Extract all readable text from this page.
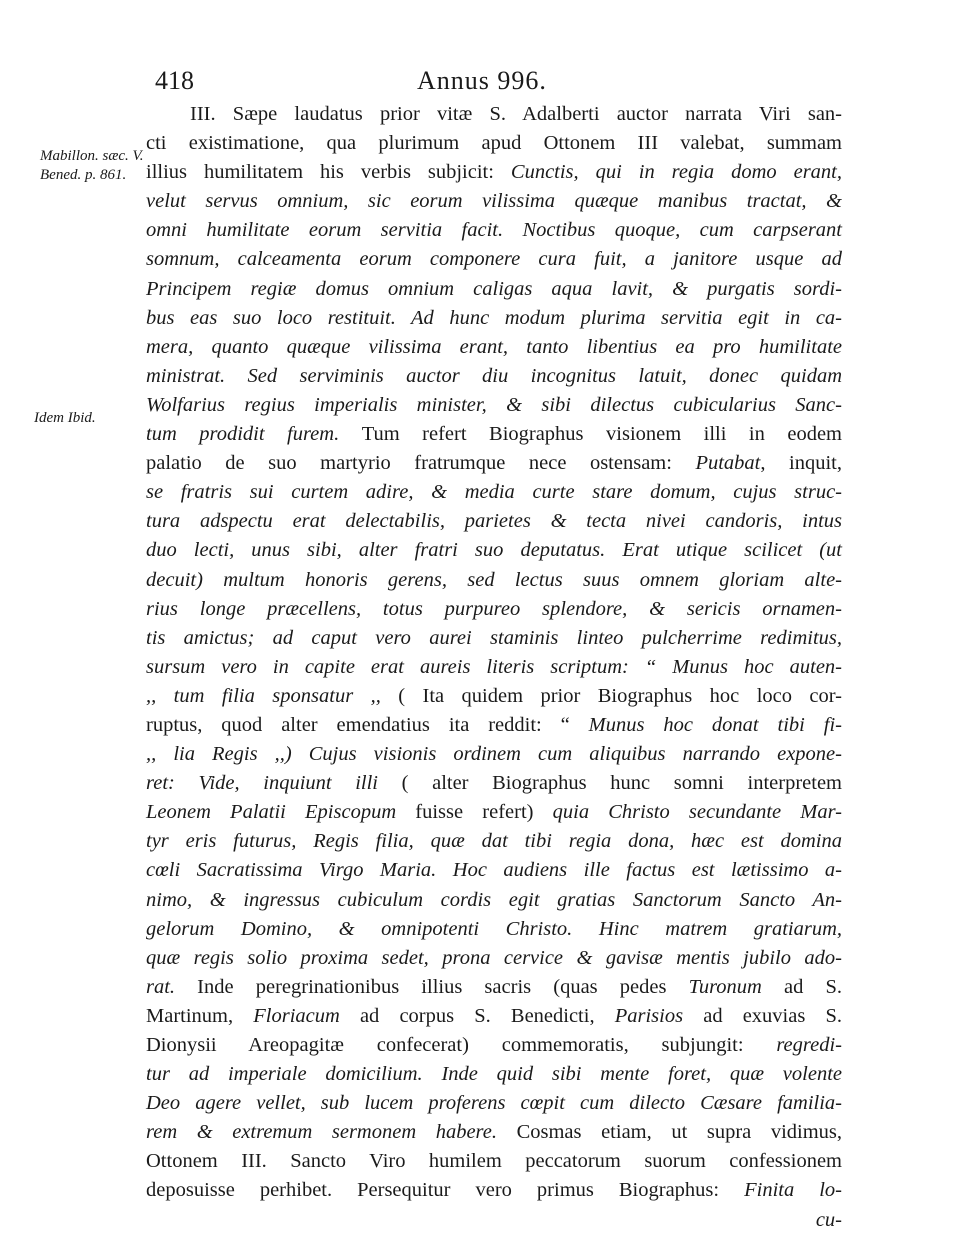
418	Annus 996.
Mabillon. sæc. V. Bened. p. 861.
Idem Ibid.
III. Sæpe laudatus prior vitæ S. Adalberti auctor narrata Viri san-
cti existimatione, qua plurimum apud Ottonem III valebat, summam
illius humilitatem his verbis subjicit: Cunctis, qui in regia domo erant,
velut servus omnium, sic eorum vilissima quæque manibus tractat, &
omni humilitate eorum servitia facit. Noctibus quoque, cum carpserant
somnum, calceamenta eorum componere cura fuit, a janitore usque ad
Principem regiæ domus omnium caligas aqua lavit, & purgatis sordi-
bus eas suo loco restituit. Ad hunc modum plurima servitia egit in ca-
mera, quanto quæque vilissima erant, tanto libentius ea pro humilitate
ministrat. Sed serviminis auctor diu incognitus latuit, donec quidam
Wolfarius regius imperialis minister, & sibi dilectus cubicularius Sanc-
tum prodidit furem. Tum refert Biographus visionem illi in eodem
palatio de suo martyrio fratrumque nece ostensam: Putabat, inquit,
se fratris sui curtem adire, & media curte stare domum, cujus struc-
tura adspectu erat delectabilis, parietes & tecta nivei candoris, intus
duo lecti, unus sibi, alter fratri suo deputatus. Erat utique scilicet (ut
decuit) multum honoris gerens, sed lectus suus omnem gloriam alte-
rius longe præcellens, totus purpureo splendore, & sericis ornamen-
tis amictus; ad caput vero aurei staminis linteo pulcherrime redimitus,
sursum vero in capite erat aureis literis scriptum: “ Munus hoc auten-
,, tum filia sponsatur ,, ( Ita quidem prior Biographus hoc loco cor-
ruptus, quod alter emendatius ita reddit: “ Munus hoc donat tibi fi-
,, lia Regis ,,) Cujus visionis ordinem cum aliquibus narrando expone-
ret: Vide, inquiunt illi ( alter Biographus hunc somni interpretem
Leonem Palatii Episcopum fuisse refert) quia Christo secundante Mar-
tyr eris futurus, Regis filia, quæ dat tibi regia dona, hæc est domina
cœli Sacratissima Virgo Maria. Hoc audiens ille factus est lætissimo a-
nimo, & ingressus cubiculum cordis egit gratias Sanctorum Sancto An-
gelorum Domino, & omnipotenti Christo. Hinc matrem gratiarum,
quæ regis solio proxima sedet, prona cervice & gavisæ mentis jubilo ado-
rat. Inde peregrinationibus illius sacris (quas pedes Turonum ad S.
Martinum, Floriacum ad corpus S. Benedicti, Parisios ad exuvias S.
Dionysii Areopagitæ confecerat) commemoratis, subjungit: regredi-
tur ad imperiale domicilium. Inde quid sibi mente foret, quæ volente
Deo agere vellet, sub lucem proferens cœpit cum dilecto Cæsare familia-
rem & extremum sermonem habere. Cosmas etiam, ut supra vidimus,
Ottonem III. Sancto Viro humilem peccatorum suorum confessionem
deposuisse perhibet. Persequitur vero primus Biographus: Finita lo-
cu-
